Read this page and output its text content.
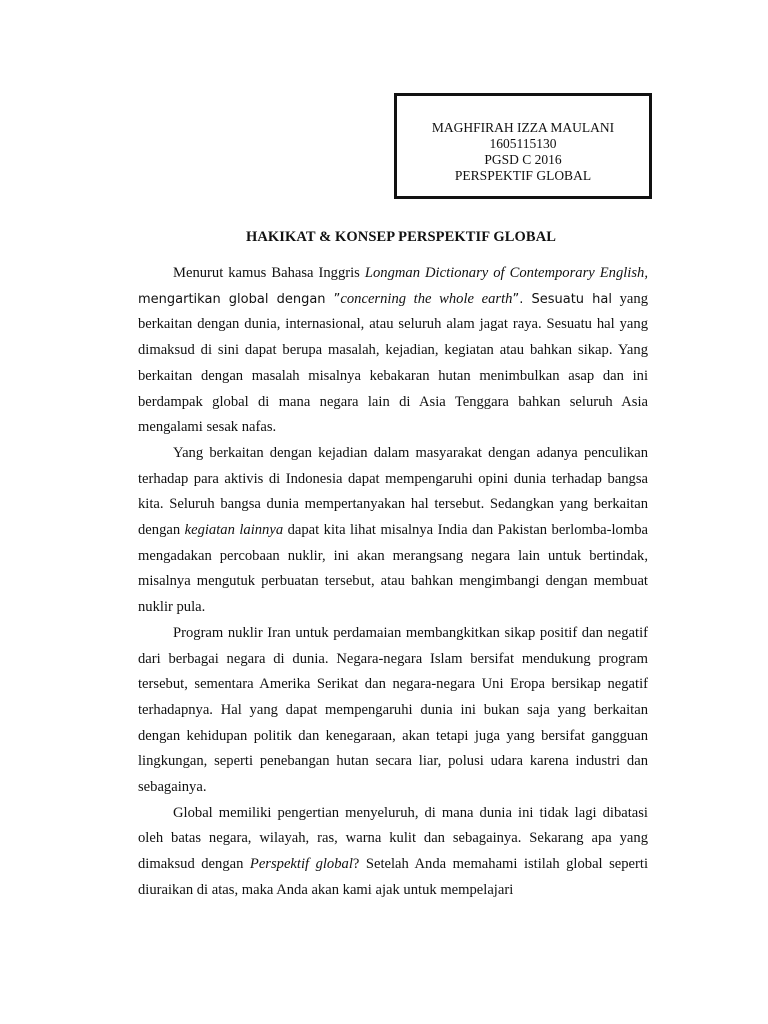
MAGHFIRAH IZZA MAULANI
1605115130
PGSD C 2016
PERSPEKTIF GLOBAL
HAKIKAT & KONSEP PERSPEKTIF GLOBAL

Menurut kamus Bahasa Inggris Longman Dictionary of Contemporary English, mengartikan global dengan ”concerning the whole earth”. Sesuatu hal yang berkaitan dengan dunia, internasional, atau seluruh alam jagat raya. Sesuatu hal yang dimaksud di sini dapat berupa masalah, kejadian, kegiatan atau bahkan sikap. Yang berkaitan dengan masalah misalnya kebakaran hutan menimbulkan asap dan ini berdampak global di mana negara lain di Asia Tenggara bahkan seluruh Asia mengalami sesak nafas.

Yang berkaitan dengan kejadian dalam masyarakat dengan adanya penculikan terhadap para aktivis di Indonesia dapat mempengaruhi opini dunia terhadap bangsa kita. Seluruh bangsa dunia mempertanyakan hal tersebut. Sedangkan yang berkaitan dengan kegiatan lainnya dapat kita lihat misalnya India dan Pakistan berlomba-lomba mengadakan percobaan nuklir, ini akan merangsang negara lain untuk bertindak, misalnya mengutuk perbuatan tersebut, atau bahkan mengimbangi dengan membuat nuklir pula.

Program nuklir Iran untuk perdamaian membangkitkan sikap positif dan negatif dari berbagai negara di dunia. Negara-negara Islam bersifat mendukung program tersebut, sementara Amerika Serikat dan negara-negara Uni Eropa bersikap negatif terhadapnya. Hal yang dapat mempengaruhi dunia ini bukan saja yang berkaitan dengan kehidupan politik dan kenegaraan, akan tetapi juga yang bersifat gangguan lingkungan, seperti penebangan hutan secara liar, polusi udara karena industri dan sebagainya.

Global memiliki pengertian menyeluruh, di mana dunia ini tidak lagi dibatasi oleh batas negara, wilayah, ras, warna kulit dan sebagainya. Sekarang apa yang dimaksud dengan Perspektif global? Setelah Anda memahami istilah global seperti diuraikan di atas, maka Anda akan kami ajak untuk mempelajari
